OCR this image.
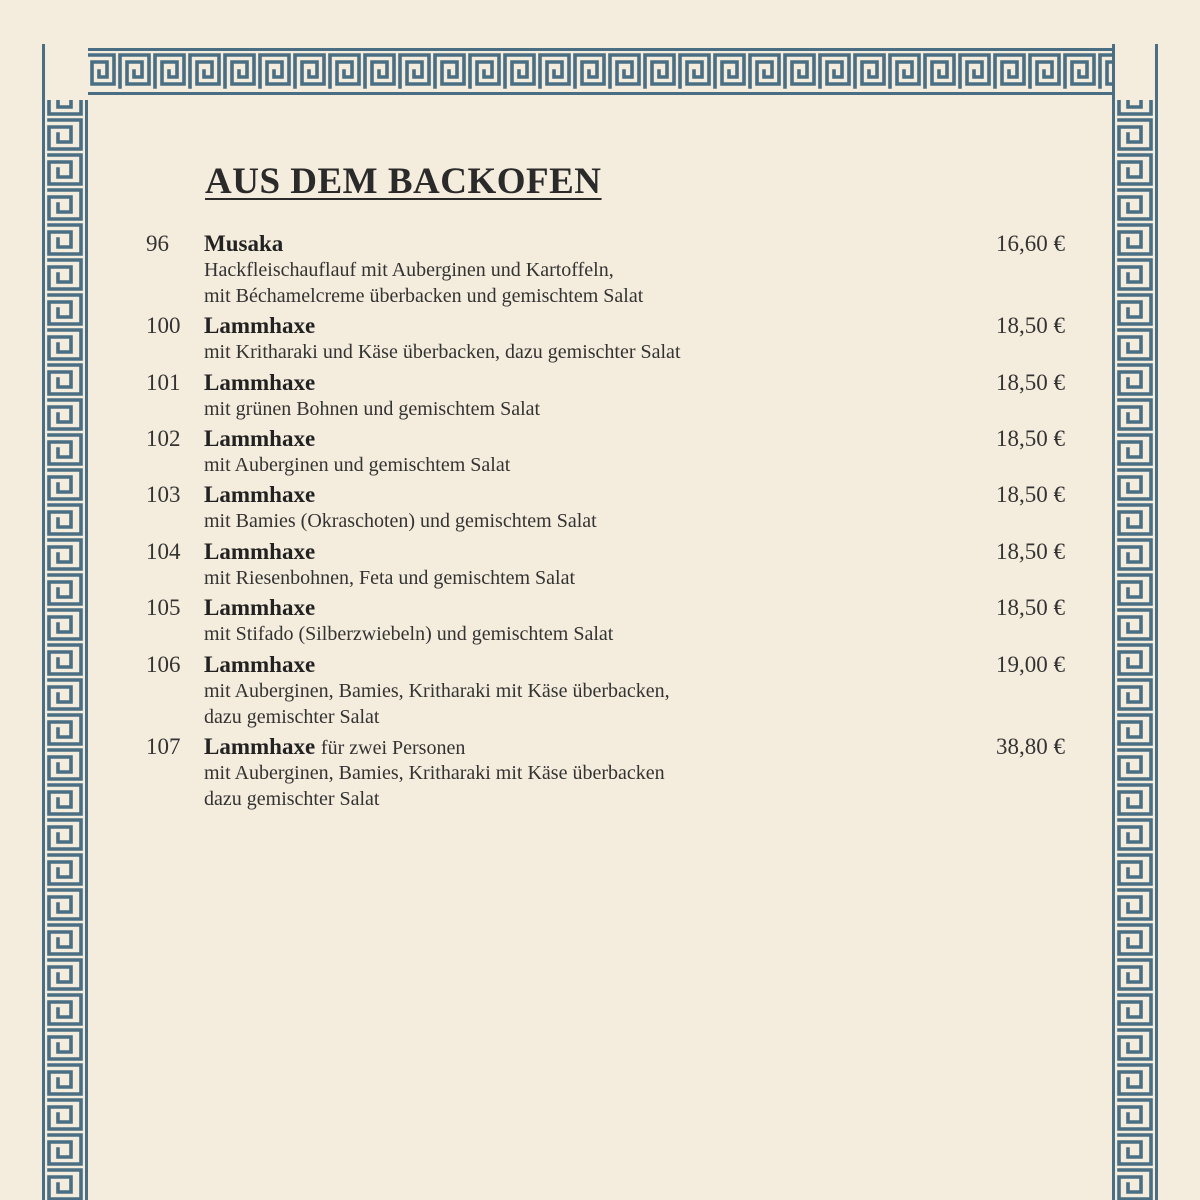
AUS DEM BACKOFEN
96 Musaka	16,60 €
Hackfleischauflauf mit Auberginen und Kartoffeln,
mit Béchamelcreme überbacken und gemischtem Salat
100 Lammhaxe	18,50 €
mit Kritharaki und Käse überbacken, dazu gemischter Salat
101 Lammhaxe	18,50 €
mit grünen Bohnen und gemischtem Salat
102 Lammhaxe	18,50 €
mit Auberginen und gemischtem Salat
103 Lammhaxe	18,50 €
mit Bamies (Okraschoten) und gemischtem Salat
104 Lammhaxe	18,50 €
mit Riesenbohnen, Feta und gemischtem Salat
105 Lammhaxe	18,50 €
mit Stifado (Silberzwiebeln) und gemischtem Salat
106 Lammhaxe	19,00 €
mit Auberginen, Bamies, Kritharaki mit Käse überbacken,
dazu gemischter Salat
107 Lammhaxe für zwei Personen	38,80 €
mit Auberginen, Bamies, Kritharaki mit Käse überbacken
dazu gemischter Salat
